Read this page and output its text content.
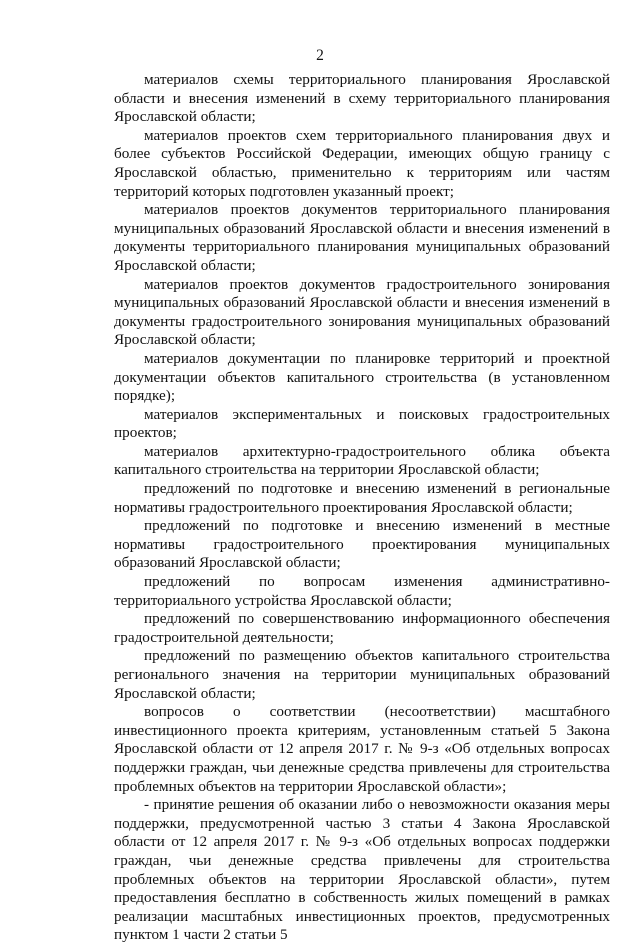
2

материалов схемы территориального планирования Ярославской области и внесения изменений в схему территориального планирования Ярославской области;

материалов проектов схем территориального планирования двух и более субъектов Российской Федерации, имеющих общую границу с Ярославской областью, применительно к территориям или частям территорий которых подготовлен указанный проект;

материалов проектов документов территориального планирования муниципальных образований Ярославской области и внесения изменений в документы территориального планирования муниципальных образований Ярославской области;

материалов проектов документов градостроительного зонирования муниципальных образований Ярославской области и внесения изменений в документы градостроительного зонирования муниципальных образований Ярославской области;

материалов документации по планировке территорий и проектной документации объектов капитального строительства (в установленном порядке);

материалов экспериментальных и поисковых градостроительных проектов;

материалов архитектурно-градостроительного облика объекта капитального строительства на территории Ярославской области;

предложений по подготовке и внесению изменений в региональные нормативы градостроительного проектирования Ярославской области;

предложений по подготовке и внесению изменений в местные нормативы градостроительного проектирования муниципальных образований Ярославской области;

предложений по вопросам изменения административно-территориального устройства Ярославской области;

предложений по совершенствованию информационного обеспечения градостроительной деятельности;

предложений по размещению объектов капитального строительства регионального значения на территории муниципальных образований Ярославской области;

вопросов о соответствии (несоответствии) масштабного инвестиционного проекта критериям, установленным статьей 5 Закона Ярославской области от 12 апреля 2017 г. № 9-з «Об отдельных вопросах поддержки граждан, чьи денежные средства привлечены для строительства проблемных объектов на территории Ярославской области»;

- принятие решения об оказании либо о невозможности оказания меры поддержки, предусмотренной частью 3 статьи 4 Закона Ярославской области от 12 апреля 2017 г. № 9-з «Об отдельных вопросах поддержки граждан, чьи денежные средства привлечены для строительства проблемных объектов на территории Ярославской области», путем предоставления бесплатно в собственность жилых помещений в рамках реализации масштабных инвестиционных проектов, предусмотренных пунктом 1 части 2 статьи 5
